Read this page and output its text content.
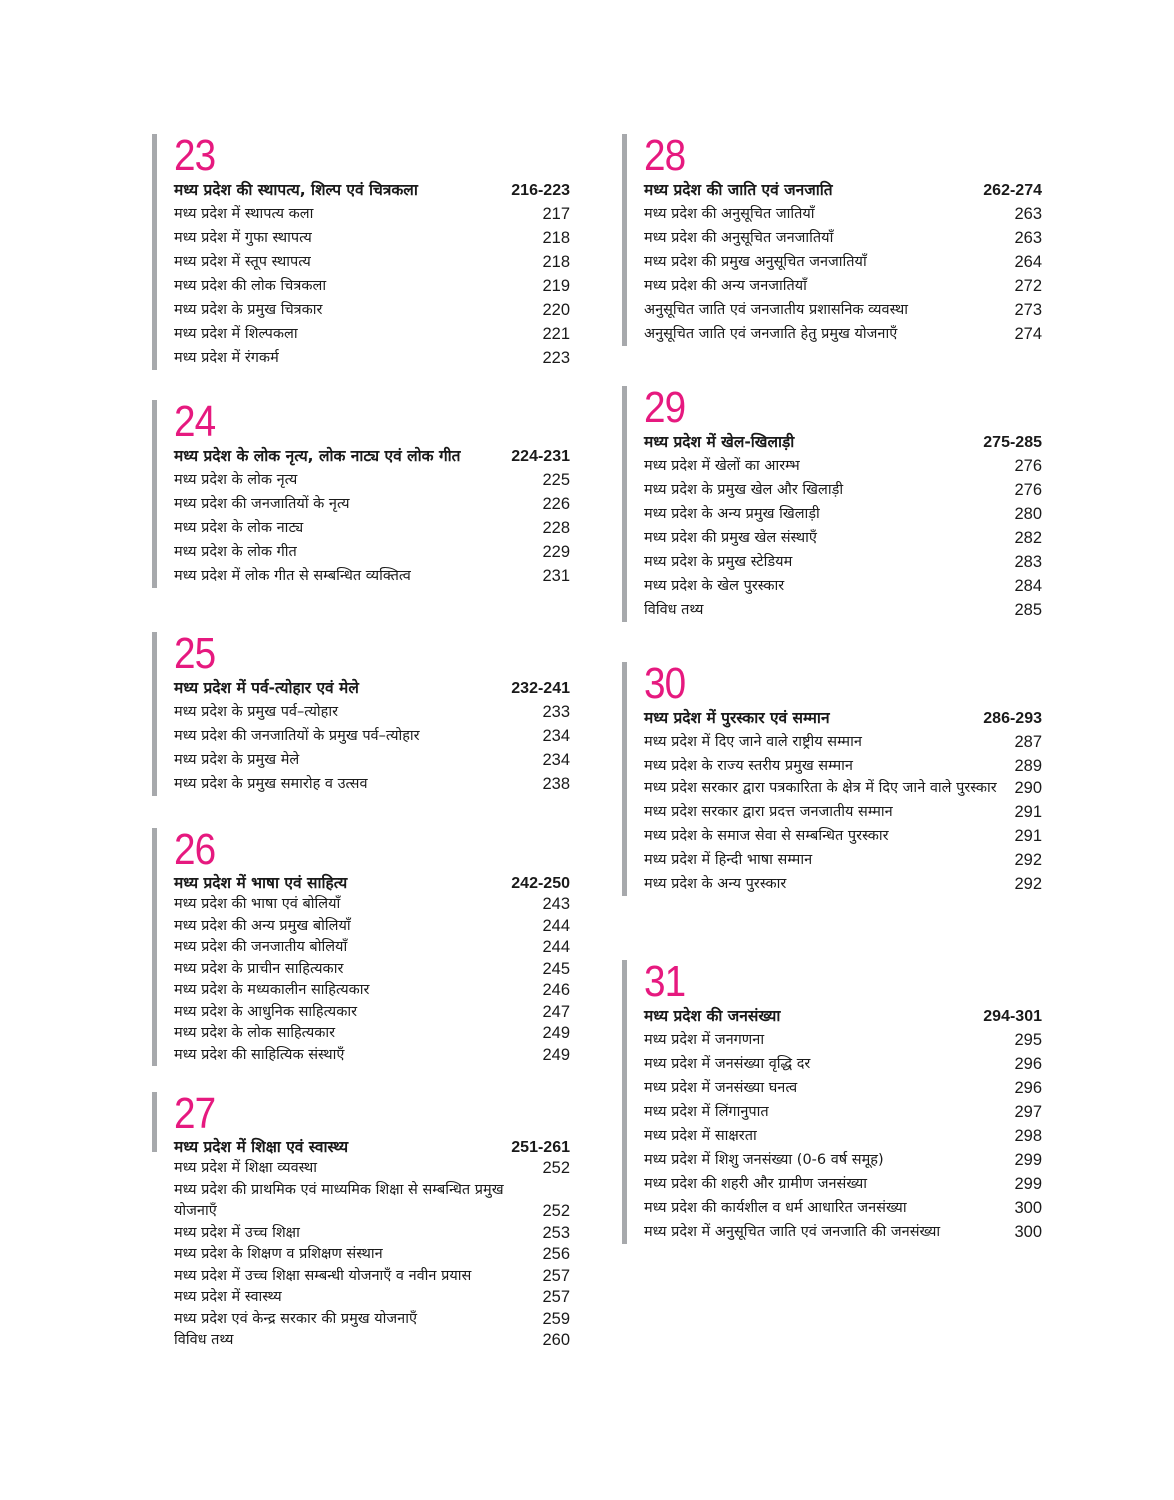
23
मध्य प्रदेश की स्थापत्य, शिल्प एवं चित्रकला	216-223
मध्य प्रदेश में स्थापत्य कला	217
मध्य प्रदेश में गुफा स्थापत्य	218
मध्य प्रदेश में स्तूप स्थापत्य	218
मध्य प्रदेश की लोक चित्रकला	219
मध्य प्रदेश के प्रमुख चित्रकार	220
मध्य प्रदेश में शिल्पकला	221
मध्य प्रदेश में रंगकर्म	223
24
मध्य प्रदेश के लोक नृत्य, लोक नाट्य एवं लोक गीत	224-231
मध्य प्रदेश के लोक नृत्य	225
मध्य प्रदेश की जनजातियों के नृत्य	226
मध्य प्रदेश के लोक नाट्य	228
मध्य प्रदेश के लोक गीत	229
मध्य प्रदेश में लोक गीत से सम्बन्धित व्यक्तित्व	231
25
मध्य प्रदेश में पर्व-त्योहार एवं मेले	232-241
मध्य प्रदेश के प्रमुख पर्व–त्योहार	233
मध्य प्रदेश की जनजातियों के प्रमुख पर्व–त्योहार	234
मध्य प्रदेश के प्रमुख मेले	234
मध्य प्रदेश के प्रमुख समारोह व उत्सव	238
26
मध्य प्रदेश में भाषा एवं साहित्य	242-250
मध्य प्रदेश की भाषा एवं बोलियाँ	243
मध्य प्रदेश की अन्य प्रमुख बोलियाँ	244
मध्य प्रदेश की जनजातीय बोलियाँ	244
मध्य प्रदेश के प्राचीन साहित्यकार	245
मध्य प्रदेश के मध्यकालीन साहित्यकार	246
मध्य प्रदेश के आधुनिक साहित्यकार	247
मध्य प्रदेश के लोक साहित्यकार	249
मध्य प्रदेश की साहित्यिक संस्थाएँ	249
27
मध्य प्रदेश में शिक्षा एवं स्वास्थ्य	251-261
मध्य प्रदेश में शिक्षा व्यवस्था	252
मध्य प्रदेश की प्राथमिक एवं माध्यमिक शिक्षा से सम्बन्धित प्रमुख योजनाएँ	252
मध्य प्रदेश में उच्च शिक्षा	253
मध्य प्रदेश के शिक्षण व प्रशिक्षण संस्थान	256
मध्य प्रदेश में उच्च शिक्षा सम्बन्धी योजनाएँ व नवीन प्रयास	257
मध्य प्रदेश में स्वास्थ्य	257
मध्य प्रदेश एवं केन्द्र सरकार की प्रमुख योजनाएँ	259
विविध तथ्य	260
28
मध्य प्रदेश की जाति एवं जनजाति	262-274
मध्य प्रदेश की अनुसूचित जातियाँ	263
मध्य प्रदेश की अनुसूचित जनजातियाँ	263
मध्य प्रदेश की प्रमुख अनुसूचित जनजातियाँ	264
मध्य प्रदेश की अन्य जनजातियाँ	272
अनुसूचित जाति एवं जनजातीय प्रशासनिक व्यवस्था	273
अनुसूचित जाति एवं जनजाति हेतु प्रमुख योजनाएँ	274
29
मध्य प्रदेश में खेल-खिलाड़ी	275-285
मध्य प्रदेश में खेलों का आरम्भ	276
मध्य प्रदेश के प्रमुख खेल और खिलाड़ी	276
मध्य प्रदेश के अन्य प्रमुख खिलाड़ी	280
मध्य प्रदेश की प्रमुख खेल संस्थाएँ	282
मध्य प्रदेश के प्रमुख स्टेडियम	283
मध्य प्रदेश के खेल पुरस्कार	284
विविध तथ्य	285
30
मध्य प्रदेश में पुरस्कार एवं सम्मान	286-293
मध्य प्रदेश में दिए जाने वाले राष्ट्रीय सम्मान	287
मध्य प्रदेश के राज्य स्तरीय प्रमुख सम्मान	289
मध्य प्रदेश सरकार द्वारा पत्रकारिता के क्षेत्र में दिए जाने वाले पुरस्कार	290
मध्य प्रदेश सरकार द्वारा प्रदत्त जनजातीय सम्मान	291
मध्य प्रदेश के समाज सेवा से सम्बन्धित पुरस्कार	291
मध्य प्रदेश में हिन्दी भाषा सम्मान	292
मध्य प्रदेश के अन्य पुरस्कार	292
31
मध्य प्रदेश की जनसंख्या	294-301
मध्य प्रदेश में जनगणना	295
मध्य प्रदेश में जनसंख्या वृद्धि दर	296
मध्य प्रदेश में जनसंख्या घनत्व	296
मध्य प्रदेश में लिंगानुपात	297
मध्य प्रदेश में साक्षरता	298
मध्य प्रदेश में शिशु जनसंख्या (0-6 वर्ष समूह)	299
मध्य प्रदेश की शहरी और ग्रामीण जनसंख्या	299
मध्य प्रदेश की कार्यशील व धर्म आधारित जनसंख्या	300
मध्य प्रदेश में अनुसूचित जाति एवं जनजाति की जनसंख्या	300
